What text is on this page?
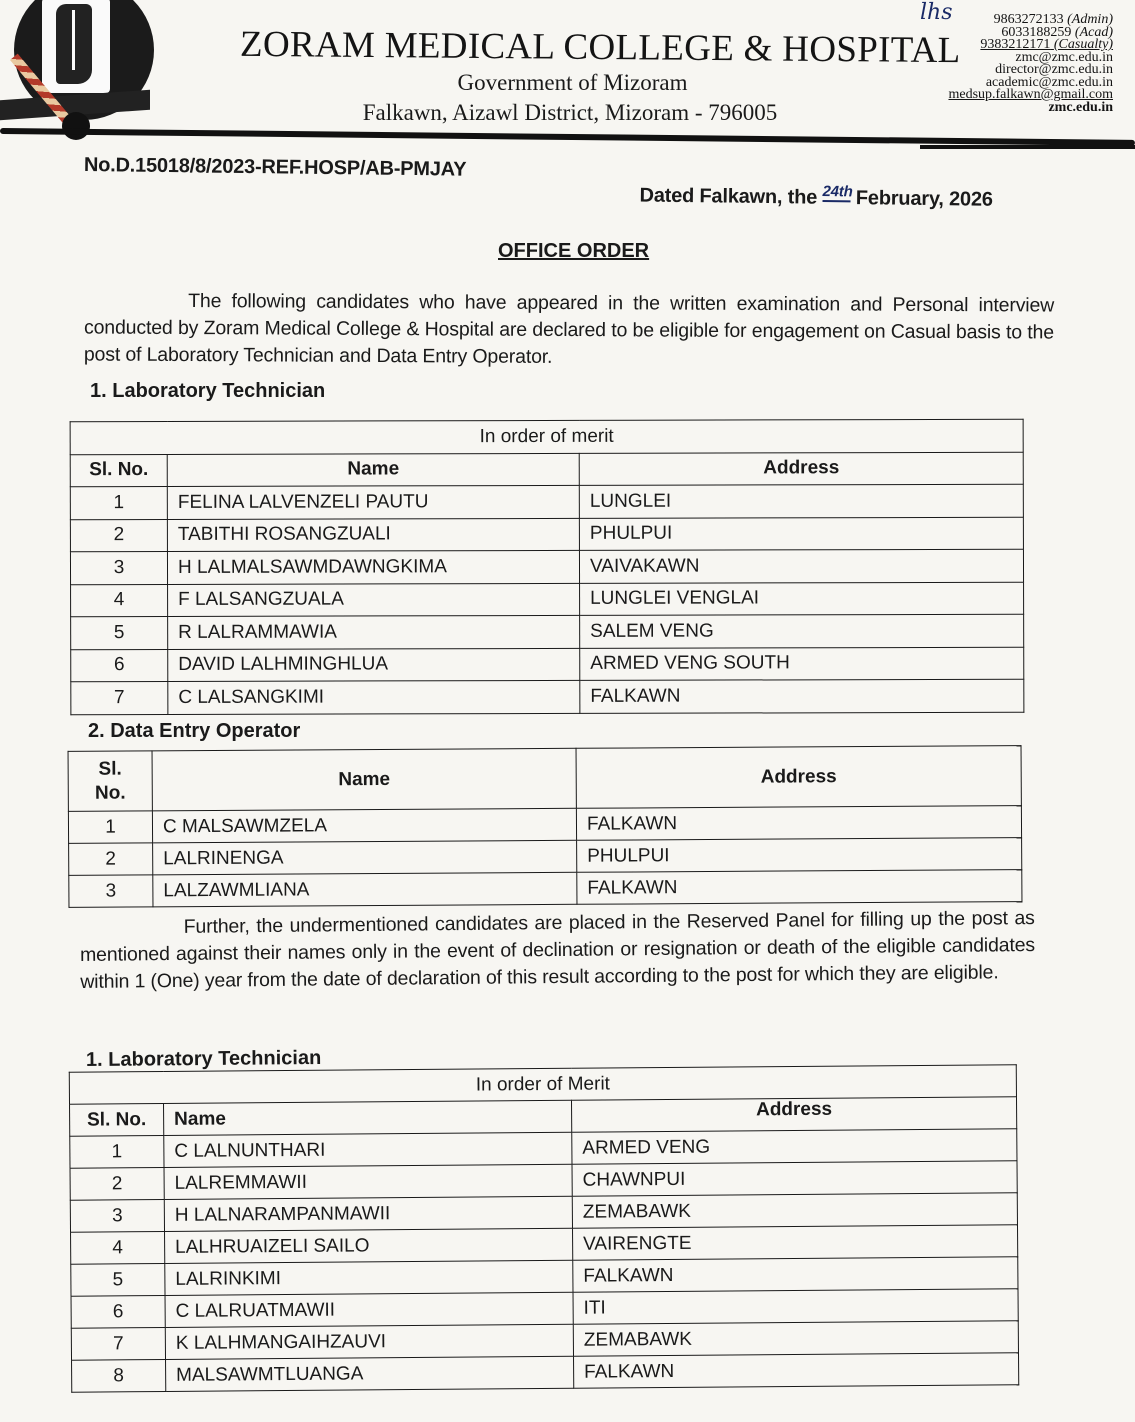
ZORAM MEDICAL COLLEGE & HOSPITAL
Government of Mizoram
Falkawn, Aizawl District, Mizoram - 796005
lhs	9863272133 (Admin)
6033188259 (Acad)
9383212171 (Casualty)
zmc@zmc.edu.in
director@zmc.edu.in
academic@zmc.edu.in
medsup.falkawn@gmail.com
zmc.edu.in
No.D.15018/8/2023-REF.HOSP/AB-PMJAY
Dated Falkawn, the 24th February, 2026
OFFICE ORDER
The following candidates who have appeared in the written examination and Personal interview conducted by Zoram Medical College & Hospital are declared to be eligible for engagement on Casual basis to the post of Laboratory Technician and Data Entry Operator.
1. Laboratory Technician
In order of merit		
Sl. No.	Name	Address
1	FELINA LALVENZELI PAUTU	LUNGLEI
2	TABITHI ROSANGZUALI	PHULPUI
3	H LALMALSAWMDAWNGKIMA	VAIVAKAWN
4	F LALSANGZUALA	LUNGLEI VENGLAI
5	R LALRAMMAWIA	SALEM VENG
6	DAVID LALHMINGHLUA	ARMED VENG SOUTH
7	C LALSANGKIMI	FALKAWN
2. Data Entry Operator
Sl.
No.	Name	Address
1	C MALSAWMZELA	FALKAWN
2	LALRINENGA	PHULPUI
3	LALZAWMLIANA	FALKAWN
Further, the undermentioned candidates are placed in the Reserved Panel for filling up the post as mentioned against their names only in the event of declination or resignation or death of the eligible candidates within 1 (One) year from the date of declaration of this result according to the post for which they are eligible.
1. Laboratory Technician
In order of Merit		
Sl. No.	Name	Address
1	C LALNUNTHARI	ARMED VENG
2	LALREMMAWII	CHAWNPUI
3	H LALNARAMPANMAWII	ZEMABAWK
4	LALHRUAIZELI SAILO	VAIRENGTE
5	LALRINKIMI	FALKAWN
6	C LALRUATMAWII	ITI
7	K LALHMANGAIHZAUVI	ZEMABAWK
8	MALSAWMTLUANGA	FALKAWN
